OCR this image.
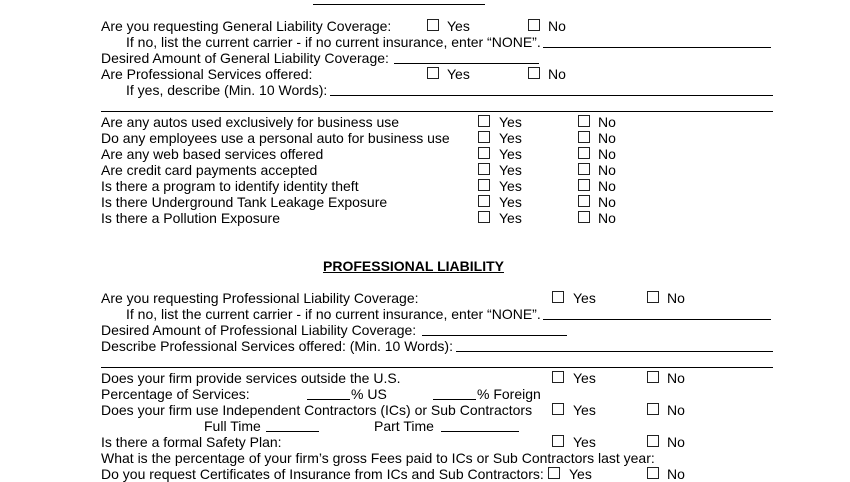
Are you requesting General Liability Coverage:	Yes	No
If no, list the current carrier - if no current insurance, enter “NONE”.
Desired Amount of General Liability Coverage:
Are Professional Services offered:	Yes	No
If yes, describe (Min. 10 Words):
Are any autos used exclusively for business use	Yes	No
Do any employees use a personal auto for business use	Yes	No
Are any web based services offered	Yes	No
Are credit card payments accepted	Yes	No
Is there a program to identify identity theft	Yes	No
Is there Underground Tank Leakage Exposure	Yes	No
Is there a Pollution Exposure	Yes	No
PROFESSIONAL LIABILITY
Are you requesting Professional Liability Coverage:	Yes	No
If no, list the current carrier - if no current insurance, enter “NONE”.
Desired Amount of Professional Liability Coverage:
Describe Professional Services offered: (Min. 10 Words):
Does your firm provide services outside the U.S.	Yes	No
Percentage of Services:	% US	% Foreign
Does your firm use Independent Contractors (ICs) or Sub Contractors	Yes	No
Full Time	Part Time
Is there a formal Safety Plan:	Yes	No
What is the percentage of your firm’s gross Fees paid to ICs or Sub Contractors last year:
Do you request Certificates of Insurance from ICs and Sub Contractors: Yes	No
